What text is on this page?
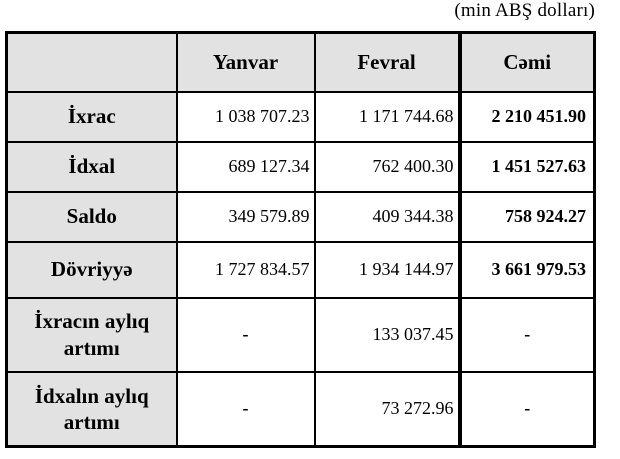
(min ABŞ dolları)
	Yanvar	Fevral	Cəmi
İxrac	1 038 707.23	1 171 744.68	2 210 451.90
İdxal	689 127.34	762 400.30	1 451 527.63
Saldo	349 579.89	409 344.38	758 924.27
Dövriyyə	1 727 834.57	1 934 144.97	3 661 979.53
İxracın aylıq artımı	-	133 037.45	-
İdxalın aylıq artımı	-	73 272.96	-
